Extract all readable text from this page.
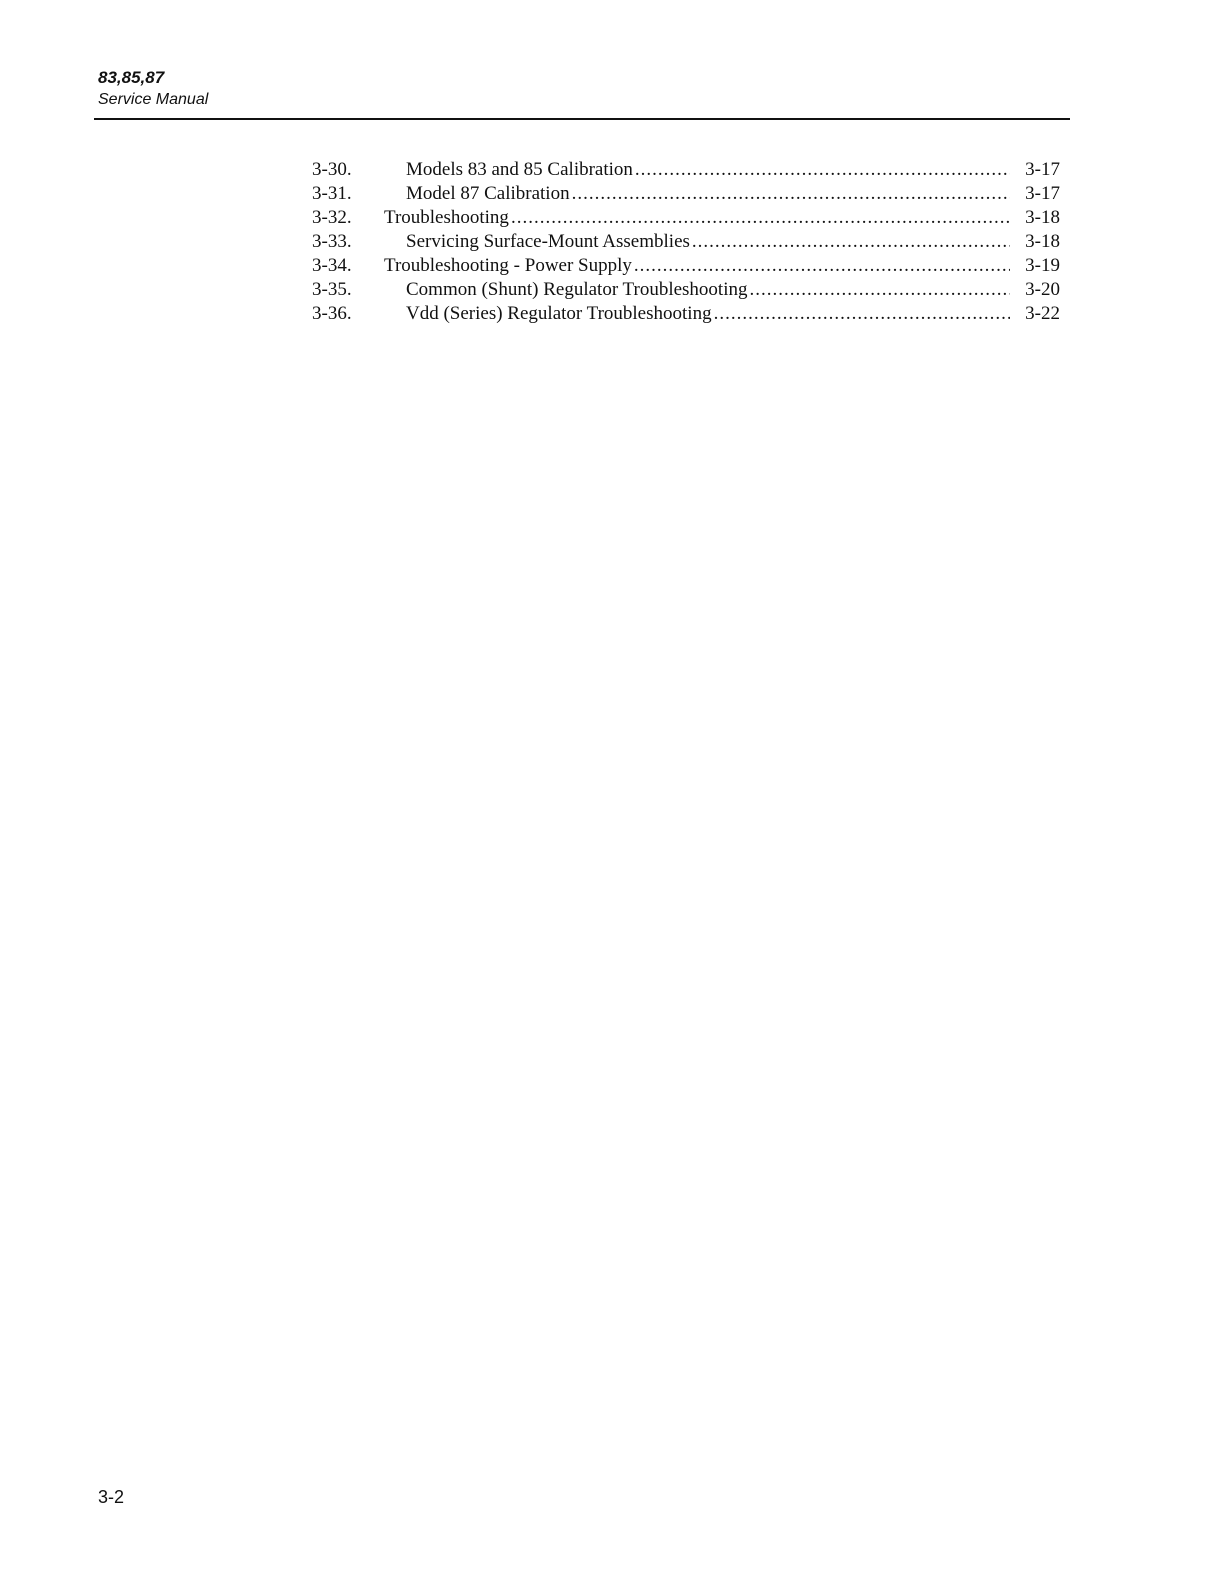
83,85,87

Service Manual

3-30.	Models 83 and 85 Calibration .....	3-17
3-31.	Model 87 Calibration .....	3-17
3-32.	Troubleshooting .....	3-18
3-33.	Servicing Surface-Mount Assemblies .....	3-18
3-34.	Troubleshooting - Power Supply .....	3-19
3-35.	Common (Shunt) Regulator Troubleshooting .....	3-20
3-36.	Vdd (Series) Regulator Troubleshooting .....	3-22

3-2
